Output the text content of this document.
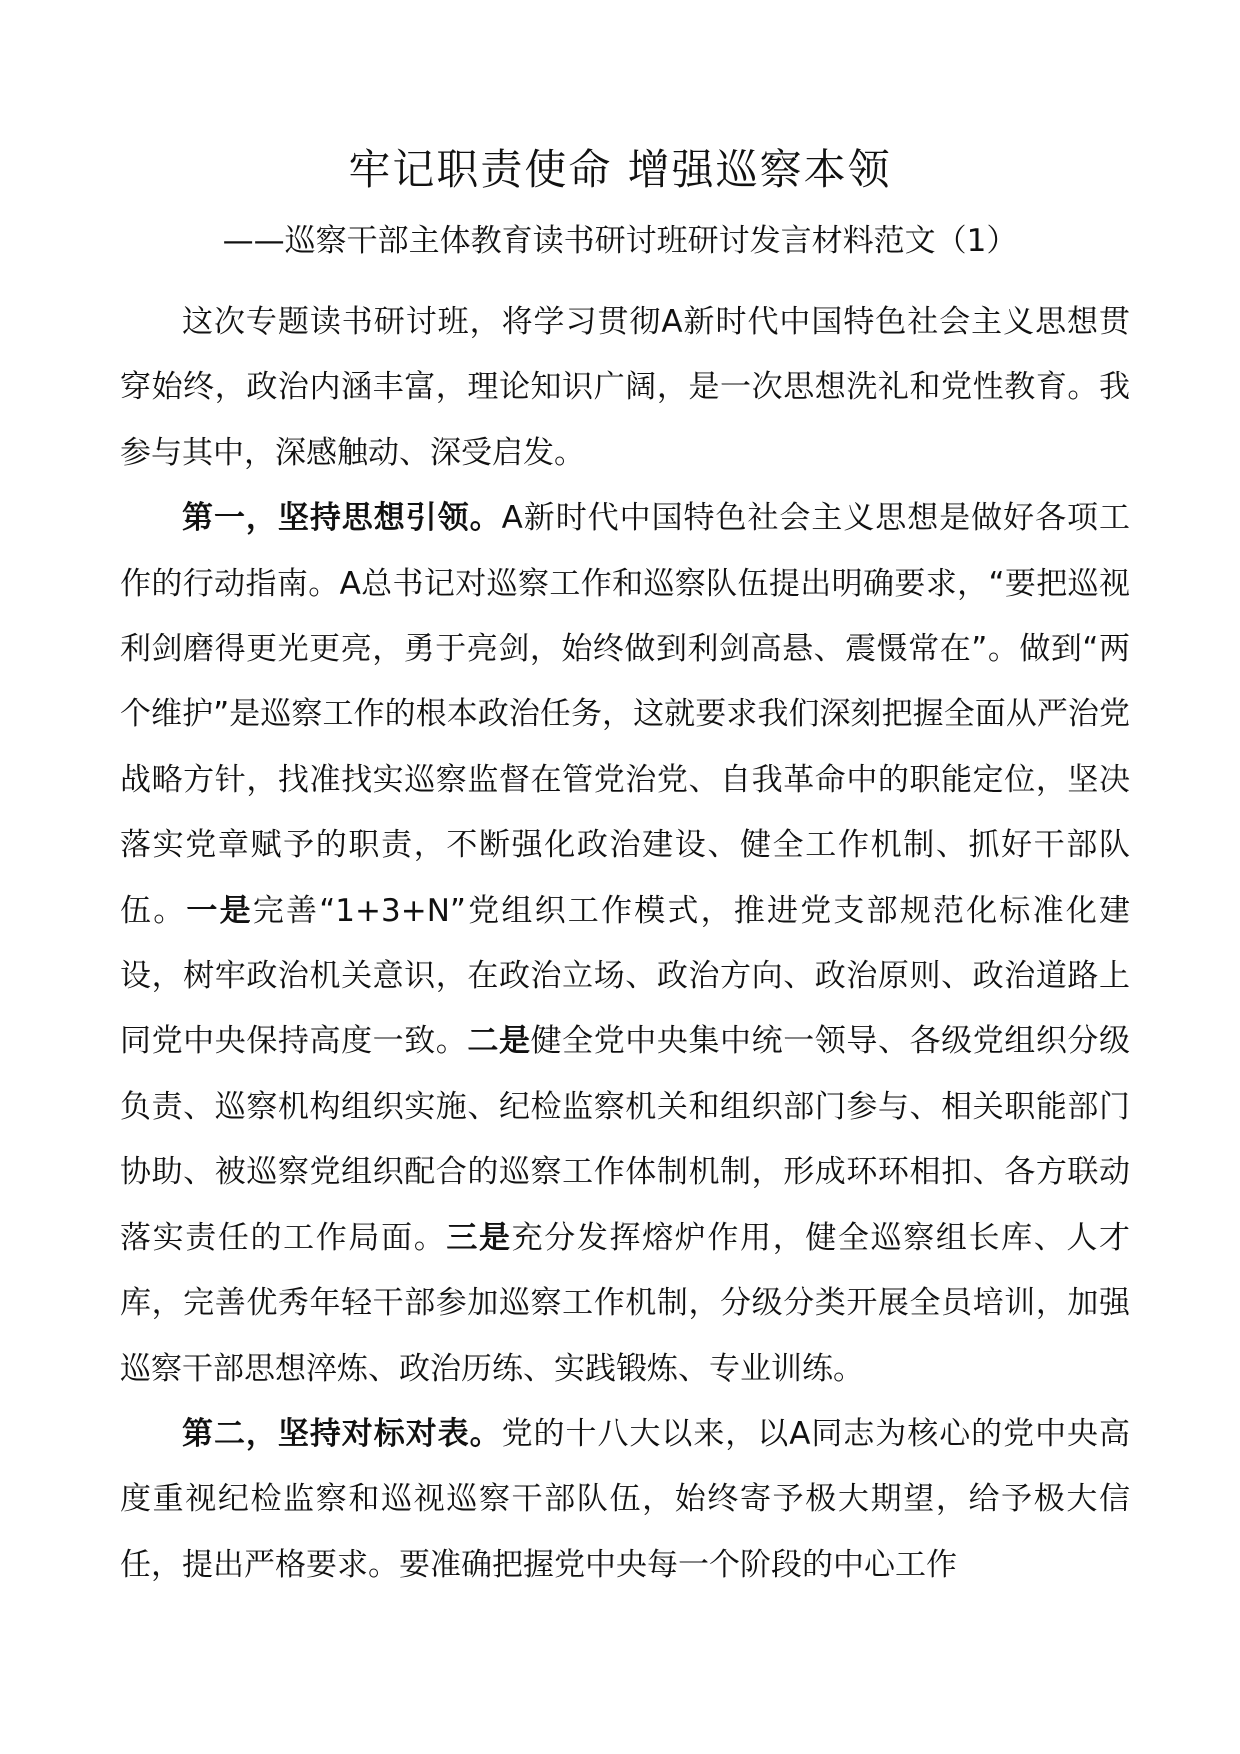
牢记职责使命 增强巡察本领
——巡察干部主体教育读书研讨班研讨发言材料范文（1）

这次专题读书研讨班，将学习贯彻A新时代中国特色社会主义思想贯穿始终，政治内涵丰富，理论知识广阔，是一次思想洗礼和党性教育。我参与其中，深感触动、深受启发。

第一，坚持思想引领。A新时代中国特色社会主义思想是做好各项工作的行动指南。A总书记对巡察工作和巡察队伍提出明确要求，“要把巡视利剑磨得更光更亮，勇于亮剑，始终做到利剑高悬、震慑常在”。做到“两个维护”是巡察工作的根本政治任务，这就要求我们深刻把握全面从严治党战略方针，找准找实巡察监督在管党治党、自我革命中的职能定位，坚决落实党章赋予的职责，不断强化政治建设、健全工作机制、抓好干部队伍。一是完善“1+3+N”党组织工作模式，推进党支部规范化标准化建设，树牢政治机关意识，在政治立场、政治方向、政治原则、政治道路上同党中央保持高度一致。二是健全党中央集中统一领导、各级党组织分级负责、巡察机构组织实施、纪检监察机关和组织部门参与、相关职能部门协助、被巡察党组织配合的巡察工作体制机制，形成环环相扣、各方联动落实责任的工作局面。三是充分发挥熔炉作用，健全巡察组长库、人才库，完善优秀年轻干部参加巡察工作机制，分级分类开展全员培训，加强巡察干部思想淬炼、政治历练、实践锻炼、专业训练。

第二，坚持对标对表。党的十八大以来，以A同志为核心的党中央高度重视纪检监察和巡视巡察干部队伍，始终寄予极大期望，给予极大信任，提出严格要求。要准确把握党中央每一个阶段的中心工作
